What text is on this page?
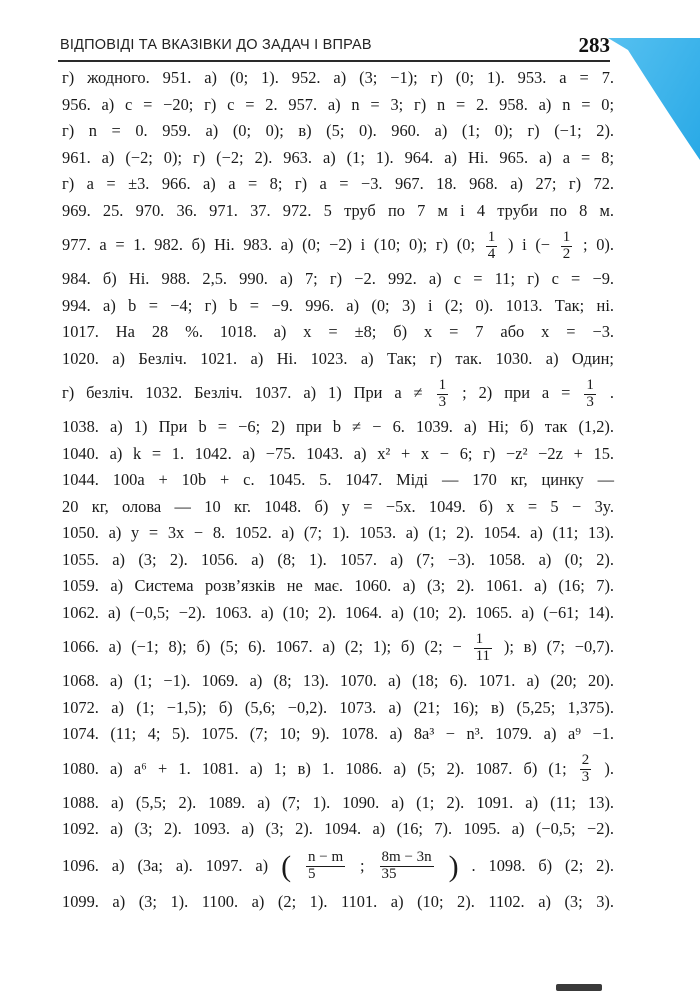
ВІДПОВІДІ ТА ВКАЗІВКИ ДО ЗАДАЧ І ВПРАВ	283
г) жодного. 951. а) (0; 1). 952. а) (3; −1); г) (0; 1). 953. a = 7.
956. а) c = −20; г) c = 2. 957. а) n = 3; г) n = 2. 958. а) n = 0;
г) n = 0. 959. а) (0; 0); в) (5; 0). 960. а) (1; 0); г) (−1; 2).
961. а) (−2; 0); г) (−2; 2). 963. а) (1; 1). 964. а) Ні. 965. а) a = 8;
г) a = ±3. 966. а) a = 8; г) a = −3. 967. 18. 968. а) 27; г) 72.
969. 25. 970. 36. 971. 37. 972. 5 труб по 7 м і 4 труби по 8 м.
977. a = 1. 982. б) Ні. 983. а) (0; −2) і (10; 0); г) (0; $\frac{1}{4}$ ) і (− $\frac{1}{2}$ ; 0).
984. б) Ні. 988. 2,5. 990. а) 7; г) −2. 992. а) c = 11; г) c = −9.
994. а) b = −4; г) b = −9. 996. а) (0; 3) і (2; 0). 1013. Так; ні.
1017. На 28 %. 1018. а) x = ±8; б) x = 7 або x = −3.
1020. а) Безліч. 1021. а) Ні. 1023. а) Так; г) так. 1030. а) Один;
г) безліч. 1032. Безліч. 1037. а) 1) При $a \ne \frac{1}{3}$ ; 2) при $a = \frac{1}{3}$ .
1038. а) 1) При b = −6; 2) при b ≠ − 6. 1039. а) Ні; б) так (1,2).
1040. а) k = 1. 1042. а) −75. 1043. а) x² + x − 6; г) −z² −2z + 15.
1044. 100a + 10b + c. 1045. 5. 1047. Міді — 170 кг, цинку —
20 кг, олова — 10 кг. 1048. б) y = −5x. 1049. б) x = 5 − 3y.
1050. а) y = 3x − 8. 1052. а) (7; 1). 1053. а) (1; 2). 1054. а) (11; 13).
1055. а) (3; 2). 1056. а) (8; 1). 1057. а) (7; −3). 1058. а) (0; 2).
1059. а) Система розв’язків не має. 1060. а) (3; 2). 1061. а) (16; 7).
1062. а) (−0,5; −2). 1063. а) (10; 2). 1064. а) (10; 2). 1065. а) (−61; 14).
1066. а) (−1; 8); б) (5; 6). 1067. а) (2; 1); б) (2; − $\frac{1}{11}$ ); в) (7; −0,7).
1068. а) (1; −1). 1069. а) (8; 13). 1070. а) (18; 6). 1071. а) (20; 20).
1072. а) (1; −1,5); б) (5,6; −0,2). 1073. а) (21; 16); в) (5,25; 1,375).
1074. (11; 4; 5). 1075. (7; 10; 9). 1078. а) 8a³ − n³. 1079. а) a⁹ −1.
1080. а) a⁶ + 1. 1081. а) 1; в) 1. 1086. а) (5; 2). 1087. б) (1; $\frac{2}{3}$ ).
1088. а) (5,5; 2). 1089. а) (7; 1). 1090. а) (1; 2). 1091. а) (11; 13).
1092. а) (3; 2). 1093. а) (3; 2). 1094. а) (16; 7). 1095. а) (−0,5; −2).
1096. а) (3a; a). 1097. а) ( $\frac{n - m}{5}$ ; $\frac{8m - 3n}{35}$ ) . 1098. б) (2; 2).
1099. а) (3; 1). 1100. а) (2; 1). 1101. а) (10; 2). 1102. а) (3; 3).
